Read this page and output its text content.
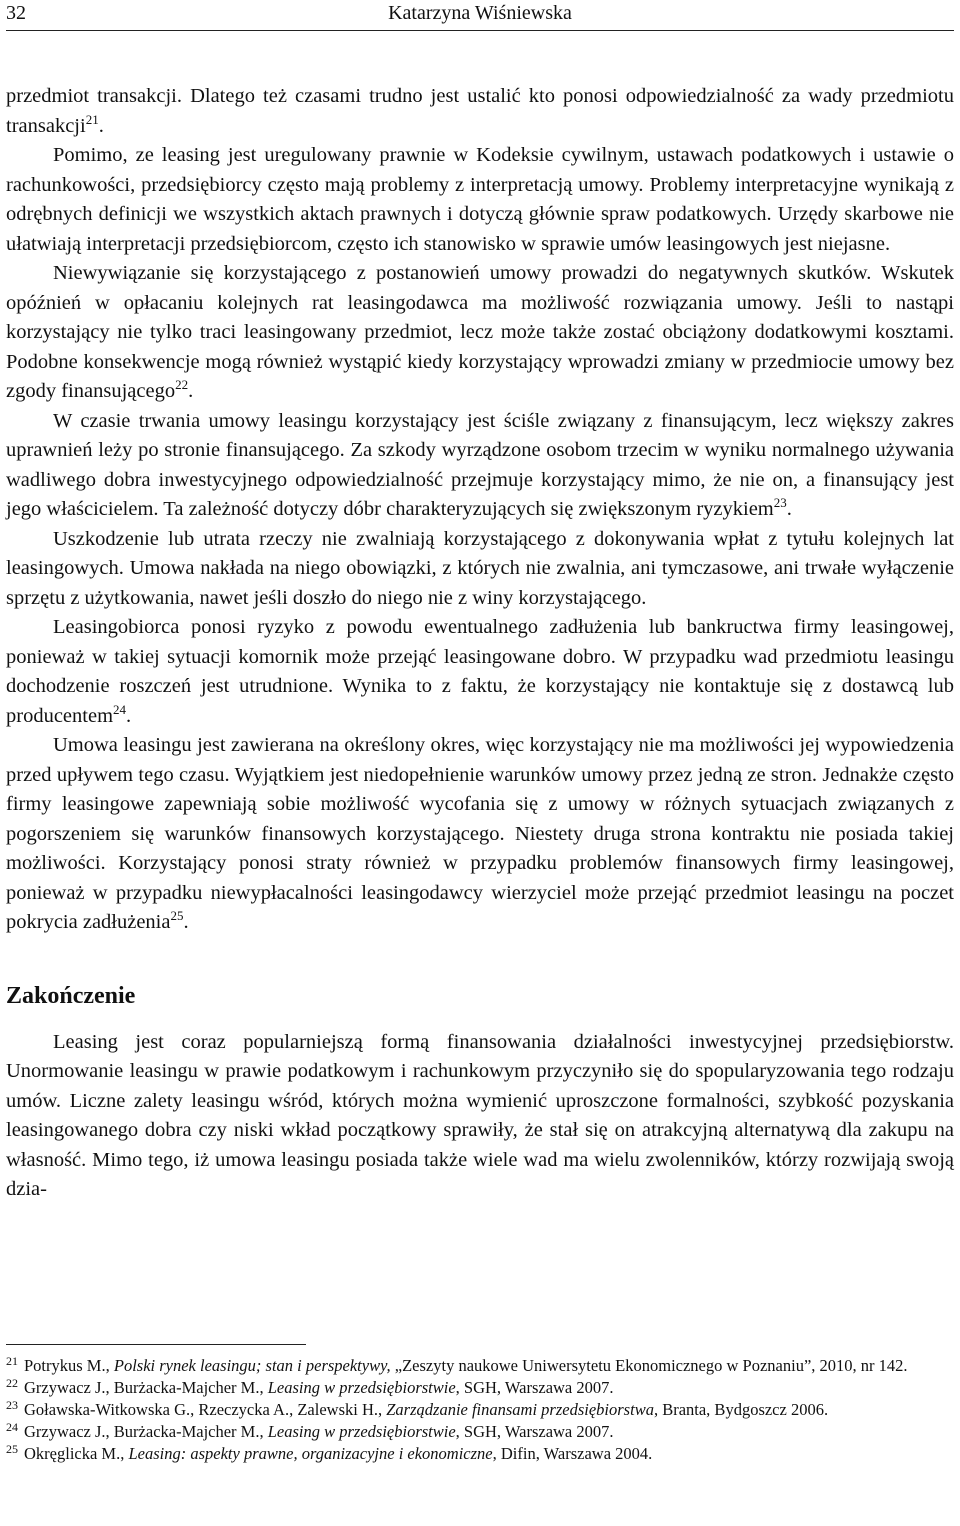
32	Katarzyna Wiśniewska

przedmiot transakcji. Dlatego też czasami trudno jest ustalić kto ponosi odpowiedzialność za wady przedmiotu transakcji$^{21}$.

Pomimo, ze leasing jest uregulowany prawnie w Kodeksie cywilnym, ustawach podatkowych i ustawie o rachunkowości, przedsiębiorcy często mają problemy z interpretacją umowy. Problemy interpretacyjne wynikają z odrębnych definicji we wszystkich aktach prawnych i dotyczą głównie spraw podatkowych. Urzędy skarbowe nie ułatwiają interpretacji przedsiębiorcom, często ich stanowisko w sprawie umów leasingowych jest niejasne.

Niewywiązanie się korzystającego z postanowień umowy prowadzi do negatywnych skutków. Wskutek opóźnień w opłacaniu kolejnych rat leasingodawca ma możliwość rozwiązania umowy. Jeśli to nastąpi korzystający nie tylko traci leasingowany przedmiot, lecz może także zostać obciążony dodatkowymi kosztami. Podobne konsekwencje mogą również wystąpić kiedy korzystający wprowadzi zmiany w przedmiocie umowy bez zgody finansującego$^{22}$.

W czasie trwania umowy leasingu korzystający jest ściśle związany z finansującym, lecz większy zakres uprawnień leży po stronie finansującego. Za szkody wyrządzone osobom trzecim w wyniku normalnego używania wadliwego dobra inwestycyjnego odpowiedzialność przejmuje korzystający mimo, że nie on, a finansujący jest jego właścicielem. Ta zależność dotyczy dóbr charakteryzujących się zwiększonym ryzykiem$^{23}$.

Uszkodzenie lub utrata rzeczy nie zwalniają korzystającego z dokonywania wpłat z tytułu kolejnych lat leasingowych. Umowa nakłada na niego obowiązki, z których nie zwalnia, ani tymczasowe, ani trwałe wyłączenie sprzętu z użytkowania, nawet jeśli doszło do niego nie z winy korzystającego.

Leasingobiorca ponosi ryzyko z powodu ewentualnego zadłużenia lub bankructwa firmy leasingowej, ponieważ w takiej sytuacji komornik może przejąć leasingowane dobro. W przypadku wad przedmiotu leasingu dochodzenie roszczeń jest utrudnione. Wynika to z faktu, że korzystający nie kontaktuje się z dostawcą lub producentem$^{24}$.

Umowa leasingu jest zawierana na określony okres, więc korzystający nie ma możliwości jej wypowiedzenia przed upływem tego czasu. Wyjątkiem jest niedopełnienie warunków umowy przez jedną ze stron. Jednakże często firmy leasingowe zapewniają sobie możliwość wycofania się z umowy w różnych sytuacjach związanych z pogorszeniem się warunków finansowych korzystającego. Niestety druga strona kontraktu nie posiada takiej możliwości. Korzystający ponosi straty również w przypadku problemów finansowych firmy leasingowej, ponieważ w przypadku niewypłacalności leasingodawcy wierzyciel może przejąć przedmiot leasingu na poczet pokrycia zadłużenia$^{25}$.

Zakończenie

Leasing jest coraz popularniejszą formą finansowania działalności inwestycyjnej przedsiębiorstw. Unormowanie leasingu w prawie podatkowym i rachunkowym przyczyniło się do spopularyzowania tego rodzaju umów. Liczne zalety leasingu wśród, których można wymienić uproszczone formalności, szybkość pozyskania leasingowanego dobra czy niski wkład początkowy sprawiły, że stał się on atrakcyjną alternatywą dla zakupu na własność. Mimo tego, iż umowa leasingu posiada także wiele wad ma wielu zwolenników, którzy rozwijają swoją dzia-

21 Potrykus M., Polski rynek leasingu; stan i perspektywy, „Zeszyty naukowe Uniwersytetu Ekonomicznego w Poznaniu”, 2010, nr 142.

22 Grzywacz J., Burżacka-Majcher M., Leasing w przedsiębiorstwie, SGH, Warszawa 2007.

23 Goławska-Witkowska G., Rzeczycka A., Zalewski H., Zarządzanie finansami przedsiębiorstwa, Branta, Bydgoszcz 2006.

24 Grzywacz J., Burżacka-Majcher M., Leasing w przedsiębiorstwie, SGH, Warszawa 2007.

25 Okręglicka M., Leasing: aspekty prawne, organizacyjne i ekonomiczne, Difin, Warszawa 2004.
